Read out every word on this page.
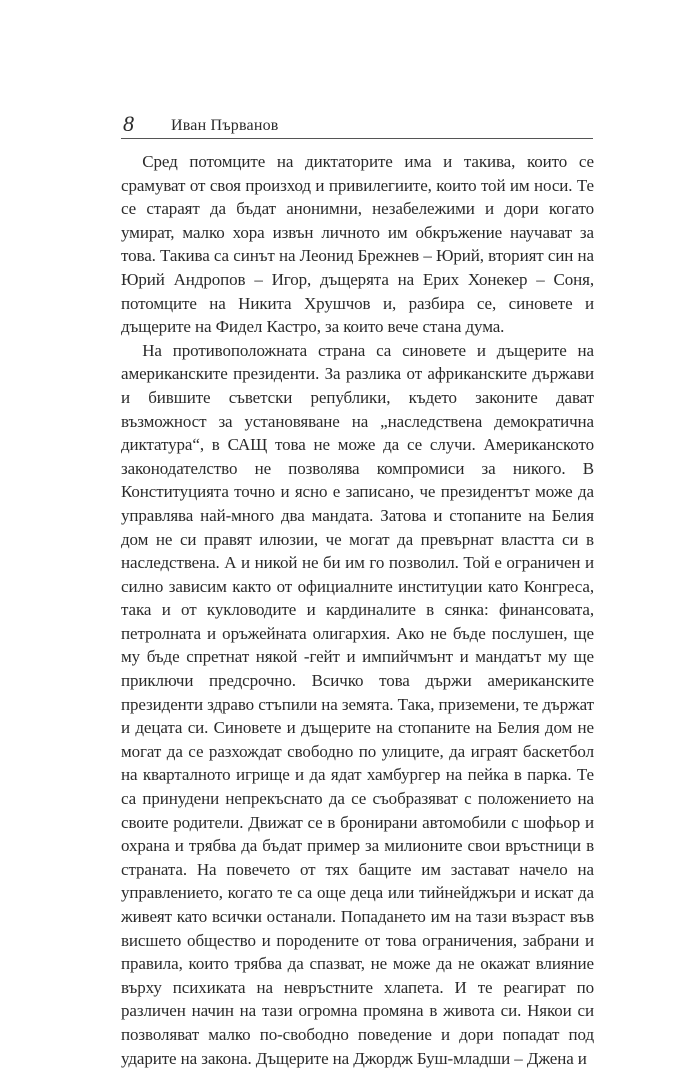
8 Иван Първанов

Сред потомците на диктаторите има и такива, които се срамуват от своя произход и привилегиите, които той им носи. Те се стараят да бъдат анонимни, незабележими и дори когато умират, малко хора извън личното им обкръжение научават за това. Такива са синът на Леонид Брежнев – Юрий, вторият син на Юрий Андропов – Игор, дъщерята на Ерих Хонекер – Соня, потомците на Никита Хрушчов и, разбира се, синовете и дъщерите на Фидел Кастро, за които вече стана дума.

На противоположната страна са синовете и дъщерите на американските президенти. За разлика от африканските държави и бившите съветски републики, където законите дават възможност за установяване на „наследствена демократична диктатура“, в САЩ това не може да се случи. Американското законодателство не позволява компромиси за никого. В Конституцията точно и ясно е записано, че президентът може да управлява най-много два мандата. Затова и стопаните на Белия дом не си правят илюзии, че могат да превърнат властта си в наследствена. А и никой не би им го позволил. Той е ограничен и силно зависим както от официалните институции като Конгреса, така и от кукловодите и кардиналите в сянка: финансовата, петролната и оръжейната олигархия. Ако не бъде послушен, ще му бъде спретнат някой -гейт и импийчмънт и мандатът му ще приключи предсрочно. Всичко това държи американските президенти здраво стъпили на земята. Така, приземени, те държат и децата си. Синовете и дъщерите на стопаните на Белия дом не могат да се разхождат свободно по улиците, да играят баскетбол на кварталното игрище и да ядат хамбургер на пейка в парка. Те са принудени непрекъснато да се съобразяват с положението на своите родители. Движат се в бронирани автомобили с шофьор и охрана и трябва да бъдат пример за милионите свои връстници в страната. На повечето от тях бащите им застават начело на управлението, когато те са още деца или тийнейджъри и искат да живеят като всички останали. Попадането им на тази възраст във висшето общество и породените от това ограничения, забрани и правила, които трябва да спазват, не може да не окажат влияние върху психиката на невръстните хлапета. И те реагират по различен начин на тази огромна промяна в живота си. Някои си позволяват малко по-свободно поведение и дори попадат под ударите на закона. Дъщерите на Джордж Буш-младши – Джена и
